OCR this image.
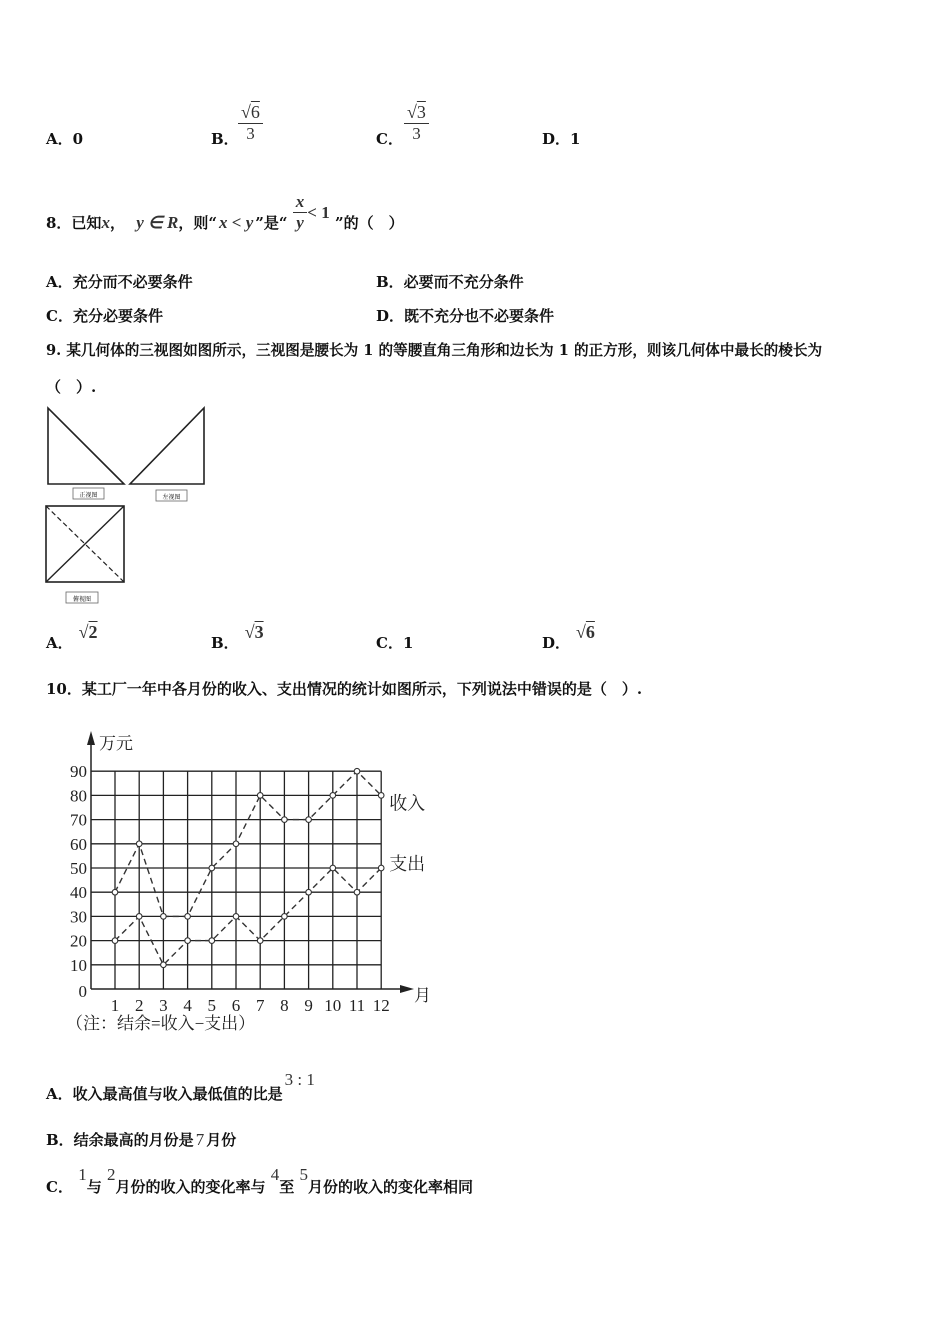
A．0	B． $\frac{√6}{3}$	C． $\frac{√3}{3}$	D．1
8．已知x， y ∈ R，则“ x < y ”是“ $\frac{x}{y} < 1$ ”的（　）
A．充分而不必要条件	B．必要而不充分条件
C．充分必要条件	D．既不充分也不必要条件
9. 某几何体的三视图如图所示，三视图是腰长为 1 的等腰直角三角形和边长为 1 的正方形，则该几何体中最长的棱长为
（　）.
正视图	左视图
俯视图
A．√2
B．√3
C．1	D．√6
10．某工厂一年中各月份的收入、支出情况的统计如图所示，下列说法中错误的是（　）.
0
10
20
30
40
50
60
70
80
90
1 2 3 4 5 6 7 8 9 10 11 12
万元
月
收入
支出
（注：结余=收入−支出）
A．收入最高值与收入最低值的比是3 : 1
B．结余最高的月份是 7 月份
C． 1与 2月份的收入的变化率与 4至 5月份的收入的变化率相同
